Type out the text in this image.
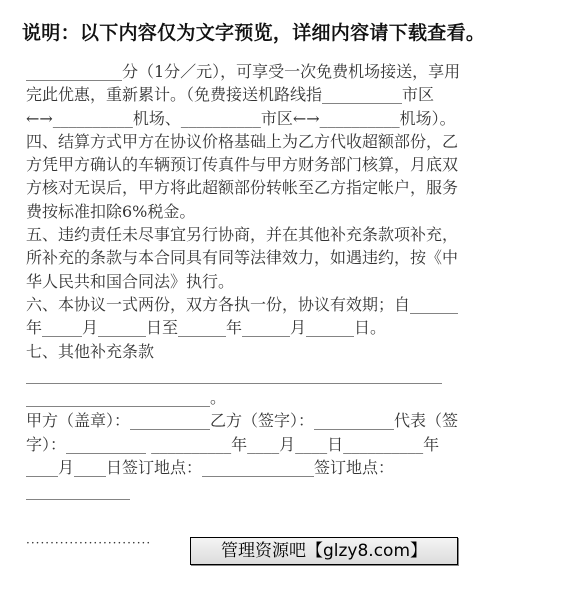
说明：以下内容仅为文字预览，详细内容请下载查看。
____________分（1分／元），可享受一次免费机场接送，享用
完此优惠，重新累计。（免费接送机路线指__________市区
←→__________机场、__________市区←→__________机场）。
四、结算方式甲方在协议价格基础上为乙方代收超额部份，乙
方凭甲方确认的车辆预订传真件与甲方财务部门核算，月底双
方核对无误后，甲方将此超额部份转帐至乙方指定帐户，服务
费按标准扣除6%税金。
五、违约责任未尽事宜另行协商，并在其他补充条款项补充，
所补充的条款与本合同具有同等法律效力，如遇违约，按《中
华人民共和国合同法》执行。
六、本协议一式两份，双方各执一份，协议有效期；自______
年_____月______日至______年______月______日。
七、其他补充条款
____________________________________________________
_______________________。
甲方（盖章）：__________乙方（签字）：__________代表（签
字）：__________ __________年____月____日__________年
____月____日签订地点：______________签订地点：
_____________
··························	管理资源吧【glzy8.com】
